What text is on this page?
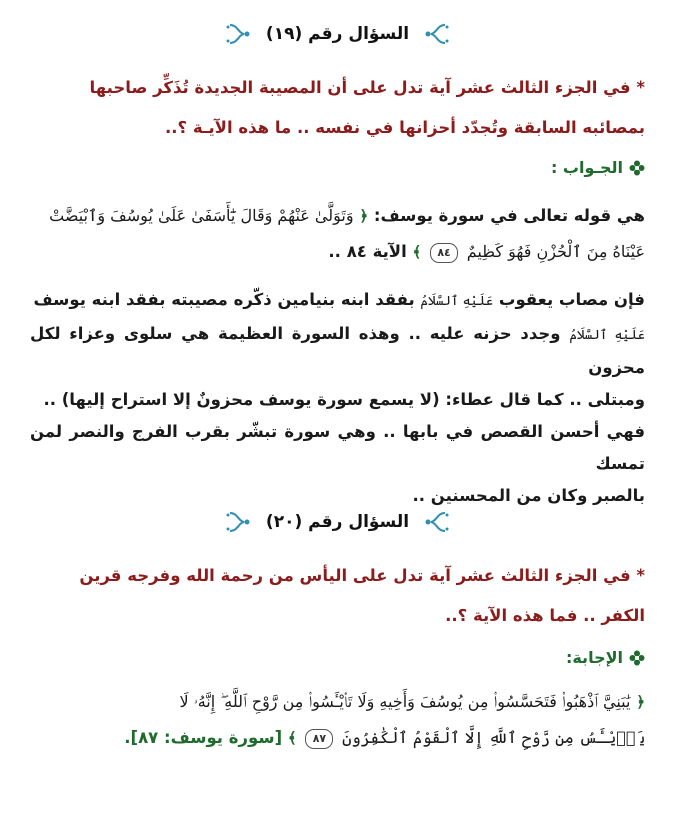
السؤال رقم (١٩)
* في الجزء الثالث عشر آية تدل على أن المصيبة الجديدة تُذَكِّر صاحبها
بمصائبه السابقة وتُجدّد أحزانها في نفسه .. ما هذه الآيـة ؟..
الجـواب :
هي قوله تعالى في سورة يوسف: ﴿ وَتَوَلَّىٰ عَنْهُمْ وَقَالَ يَٰٓأَسَفَىٰ عَلَىٰ يُوسُفَ وَٱبْيَضَّتْ
عَيْنَاهُ مِنَ ٱلْحُزْنِ فَهُوَ كَظِيمٌ ٨٤ ﴾ الآية ٨٤ ..
فإن مصاب يعقوب عَلَيْهِ ٱلسَّلَامُ بفقد ابنه بنيامين ذكّره مصيبته بفقد ابنه يوسف
عَلَيْهِ ٱلسَّلَامُ وجدد حزنه عليه .. وهذه السورة العظيمة هي سلوى وعزاء لكل محزون
ومبتلى .. كما قال عطاء: (لا يسمع سورة يوسف محزونٌ إلا استراح إليها) ..
فهي أحسن القصص في بابها .. وهي سورة تبشّر بقرب الفرج والنصر لمن تمسك
بالصبر وكان من المحسنين ..
السؤال رقم (٢٠)
* في الجزء الثالث عشر آية تدل على اليأس من رحمة الله وفرجه قرين
الكفر .. فما هذه الآية ؟..
الإجابة:
﴿ يَٰبَنِيَّ ٱذْهَبُوا۟ فَتَحَسَّسُوا۟ مِن يُوسُفَ وَأَخِيهِ وَلَا تَا۟يْـَٔسُوا۟ مِن رَّوْحِ ٱللَّهِ ۖ إِنَّهُۥ لَا
يَا۟يْـَٔسُ مِن رَّوْحِ ٱللَّهِ إِلَّا ٱلْقَوْمُ ٱلْكَٰفِرُونَ ٨٧ ﴾ [سورة يوسف: ٨٧].
